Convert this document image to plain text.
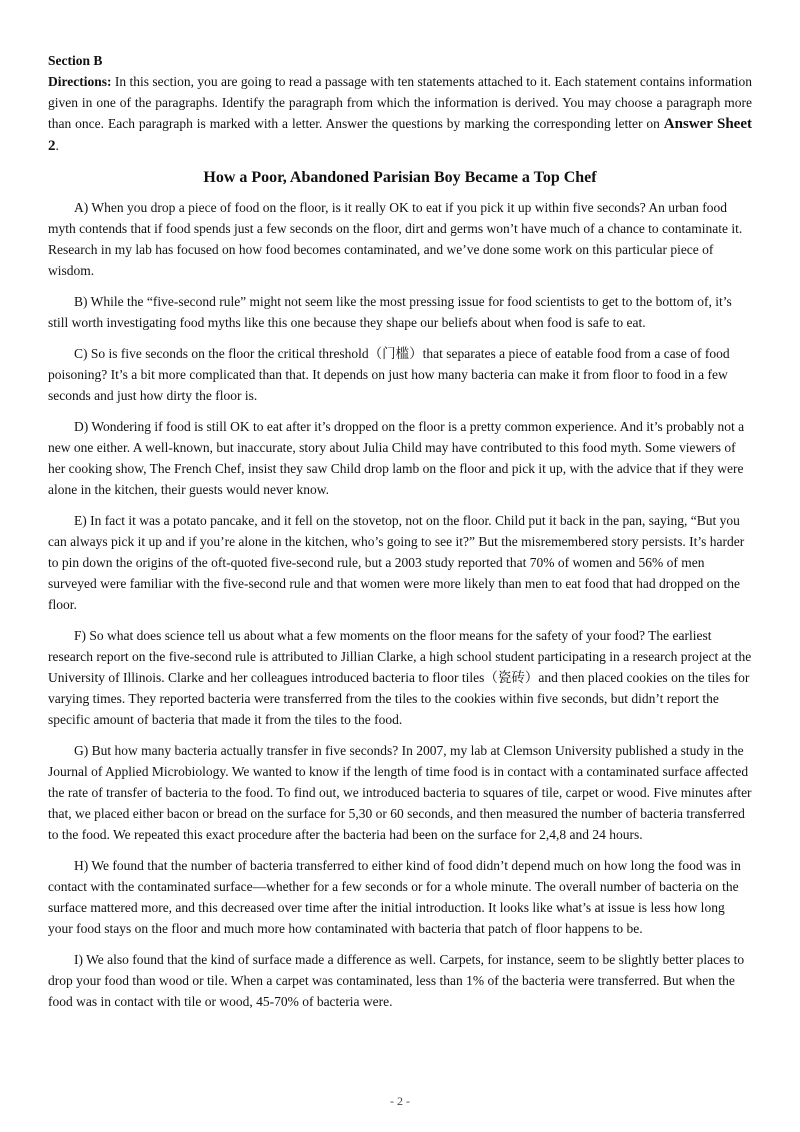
Section B

Directions: In this section, you are going to read a passage with ten statements attached to it. Each statement contains information given in one of the paragraphs. Identify the paragraph from which the information is derived. You may choose a paragraph more than once. Each paragraph is marked with a letter. Answer the questions by marking the corresponding letter on Answer Sheet 2.

How a Poor, Abandoned Parisian Boy Became a Top Chef

A) When you drop a piece of food on the floor, is it really OK to eat if you pick it up within five seconds? An urban food myth contends that if food spends just a few seconds on the floor, dirt and germs won’t have much of a chance to contaminate it. Research in my lab has focused on how food becomes contaminated, and we’ve done some work on this particular piece of wisdom.

B) While the “five-second rule” might not seem like the most pressing issue for food scientists to get to the bottom of, it’s still worth investigating food myths like this one because they shape our beliefs about when food is safe to eat.

C) So is five seconds on the floor the critical threshold（门槛）that separates a piece of eatable food from a case of food poisoning? It’s a bit more complicated than that. It depends on just how many bacteria can make it from floor to food in a few seconds and just how dirty the floor is.

D) Wondering if food is still OK to eat after it’s dropped on the floor is a pretty common experience. And it’s probably not a new one either. A well-known, but inaccurate, story about Julia Child may have contributed to this food myth. Some viewers of her cooking show, The French Chef, insist they saw Child drop lamb on the floor and pick it up, with the advice that if they were alone in the kitchen, their guests would never know.

E) In fact it was a potato pancake, and it fell on the stovetop, not on the floor. Child put it back in the pan, saying, “But you can always pick it up and if you’re alone in the kitchen, who’s going to see it?” But the misremembered story persists. It’s harder to pin down the origins of the oft-quoted five-second rule, but a 2003 study reported that 70% of women and 56% of men surveyed were familiar with the five-second rule and that women were more likely than men to eat food that had dropped on the floor.

F) So what does science tell us about what a few moments on the floor means for the safety of your food? The earliest research report on the five-second rule is attributed to Jillian Clarke, a high school student participating in a research project at the University of Illinois. Clarke and her colleagues introduced bacteria to floor tiles（瓷砖）and then placed cookies on the tiles for varying times. They reported bacteria were transferred from the tiles to the cookies within five seconds, but didn’t report the specific amount of bacteria that made it from the tiles to the food.

G) But how many bacteria actually transfer in five seconds? In 2007, my lab at Clemson University published a study in the Journal of Applied Microbiology. We wanted to know if the length of time food is in contact with a contaminated surface affected the rate of transfer of bacteria to the food. To find out, we introduced bacteria to squares of tile, carpet or wood. Five minutes after that, we placed either bacon or bread on the surface for 5,30 or 60 seconds, and then measured the number of bacteria transferred to the food. We repeated this exact procedure after the bacteria had been on the surface for 2,4,8 and 24 hours.

H) We found that the number of bacteria transferred to either kind of food didn’t depend much on how long the food was in contact with the contaminated surface—whether for a few seconds or for a whole minute. The overall number of bacteria on the surface mattered more, and this decreased over time after the initial introduction. It looks like what’s at issue is less how long your food stays on the floor and much more how contaminated with bacteria that patch of floor happens to be.

I) We also found that the kind of surface made a difference as well. Carpets, for instance, seem to be slightly better places to drop your food than wood or tile. When a carpet was contaminated, less than 1% of the bacteria were transferred. But when the food was in contact with tile or wood, 45-70% of bacteria were.

- 2 -
